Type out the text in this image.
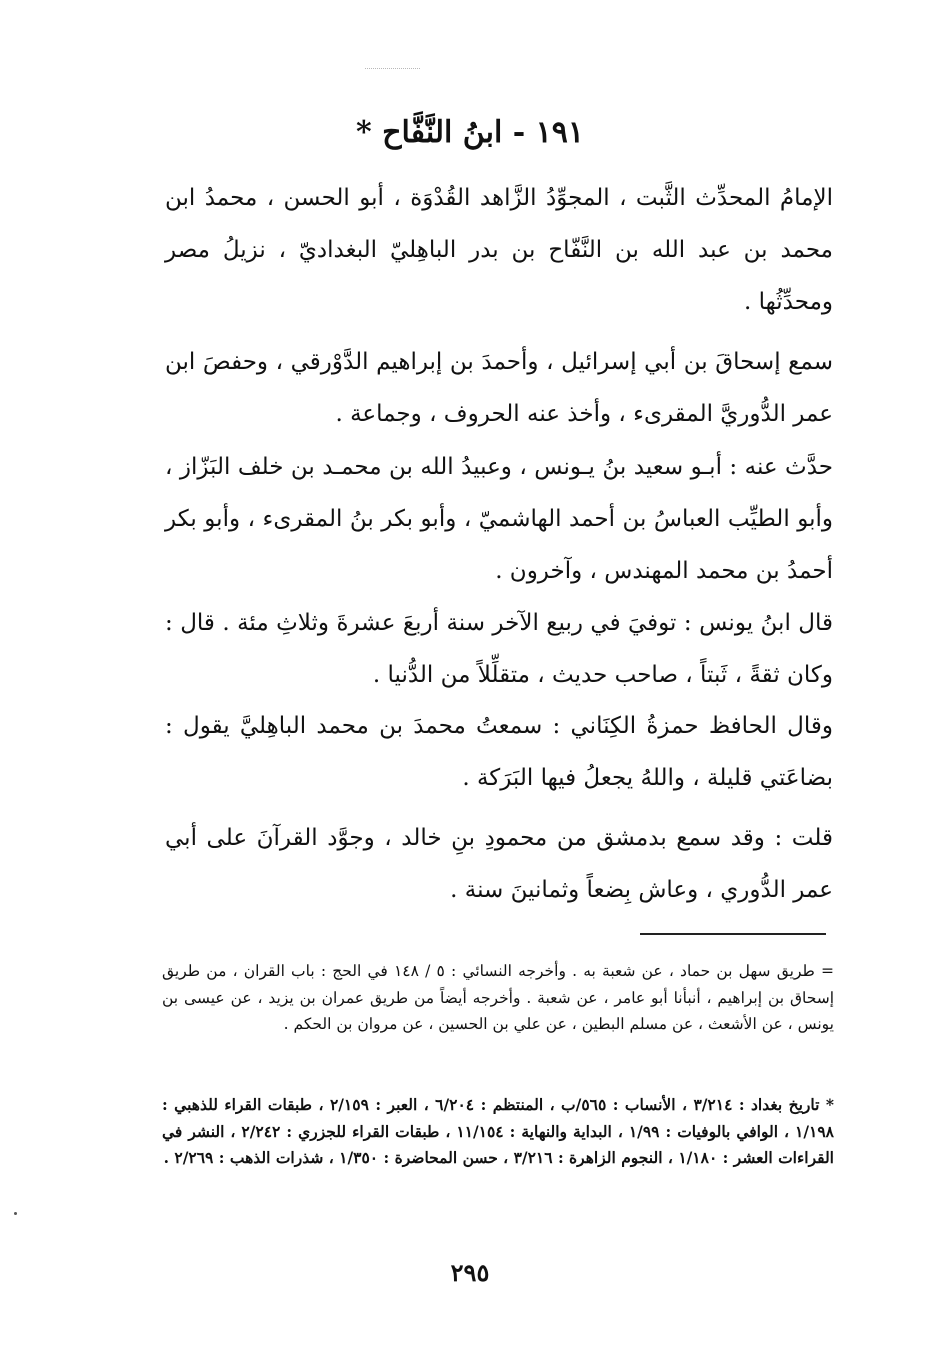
١٩١ - ابنُ النَّفَّاح *

الإمامُ المحدِّث الثَّبت ، المجوِّدُ الزَّاهد القُدْوَة ، أبو الحسن ، محمدُ ابن محمد بن عبد الله بن النَّفّاح بن بدر الباهِليّ البغداديّ ، نزيلُ مصر ومحدِّثُها .

سمع إسحاقَ بن أبي إسرائيل ، وأحمدَ بن إبراهيم الدَّوْرقي ، وحفصَ ابن عمر الدُّوريَّ المقرىء ، وأخذ عنه الحروف ، وجماعة .

حدَّث عنه : أبـو سعيد بنُ يـونس ، وعبيدُ الله بن محمـد بن خلف البَزّاز ، وأبو الطيِّب العباسُ بن أحمد الهاشميّ ، وأبو بكر بنُ المقرىء ، وأبو بكر أحمدُ بن محمد المهندس ، وآخرون .

قال ابنُ يونس : توفيَ في ربيع الآخر سنة أربعَ عشرةَ وثلاثِ مئة . قال : وكان ثقةً ، ثَبتاً ، صاحب حديث ، متقلِّلاً من الدُّنيا .

وقال الحافظ حمزةُ الكِنَاني : سمعتُ محمدَ بن محمد الباهِليَّ يقول : بضاعَتي قليلة ، واللهُ يجعلُ فيها البَرَكة .

قلت : وقد سمع بدمشق من محمودِ بنِ خالد ، وجوَّد القرآنَ على أبي عمر الدُّوري ، وعاش بِضعاً وثمانينَ سنة .

= طريق سهل بن حماد ، عن شعبة به . وأخرجه النسائي : ٥ / ١٤٨ في الحج : باب القران ، من طريق إسحاق بن إبراهيم ، أنبأنا أبو عامر ، عن شعبة . وأخرجه أيضاً من طريق عمران بن يزيد ، عن عيسى بن يونس ، عن الأشعث ، عن مسلم البطين ، عن علي بن الحسين ، عن مروان بن الحكم .
* تاريخ بغداد : ٣/٢١٤ ، الأنساب : ٥٦٥/ب ، المنتظم : ٦/٢٠٤ ، العبر : ٢/١٥٩ ، طبقات القراء للذهبي : ١/١٩٨ ، الوافي بالوفيات : ١/٩٩ ، البداية والنهاية : ١١/١٥٤ ، طبقات القراء للجزري : ٢/٢٤٢ ، النشر في القراءات العشر : ١/١٨٠ ، النجوم الزاهرة : ٣/٢١٦ ، حسن المحاضرة : ١/٣٥٠ ، شذرات الذهب : ٢/٢٦٩ .
٢٩٥
